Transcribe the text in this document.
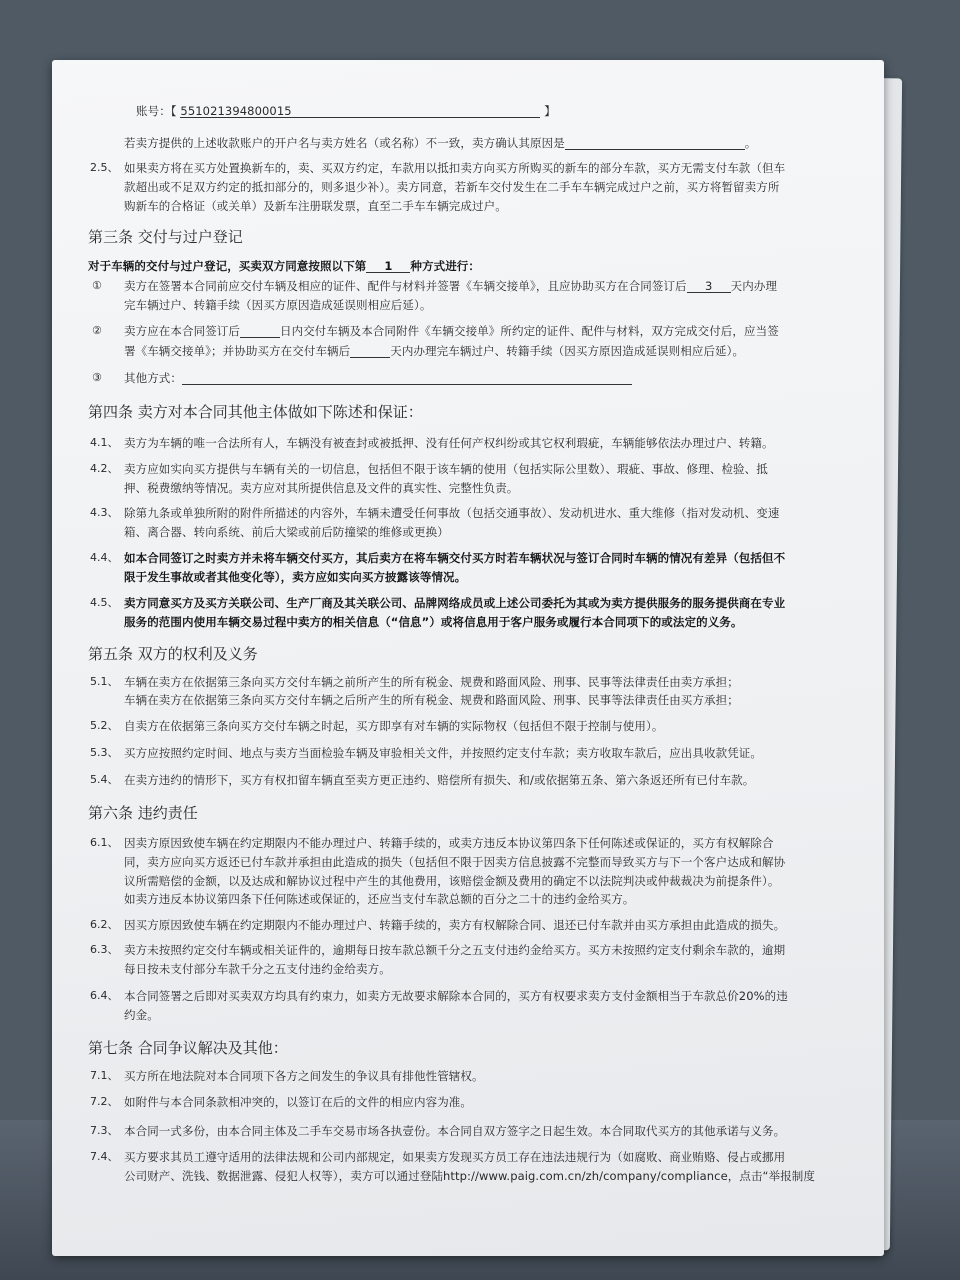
账号：【 551021394800015	】
若卖方提供的上述收款账户的开户名与卖方姓名（或名称）不一致，卖方确认其原因是	。
2.5、 如果卖方将在买方处置换新车的，卖、买双方约定，车款用以抵扣卖方向买方所购买的新车的部分车款，买方无需支付车款（但车
款超出或不足双方约定的抵扣部分的，则多退少补）。卖方同意，若新车交付发生在二手车车辆完成过户之前，买方将暂留卖方所
购新车的合格证（或关单）及新车注册联发票，直至二手车车辆完成过户。
第三条 交付与过户登记
对于车辆的交付与过户登记，买卖双方同意按照以下第 1 种方式进行：
① 卖方在签署本合同前应交付车辆及相应的证件、配件与材料并签署《车辆交接单》，且应协助买方在合同签订后 3 天内办理
完车辆过户、转籍手续（因买方原因造成延误则相应后延）。
② 卖方应在本合同签订后	日内交付车辆及本合同附件《车辆交接单》所约定的证件、配件与材料，双方完成交付后，应当签
署《车辆交接单》；并协助买方在交付车辆后	天内办理完车辆过户、转籍手续（因买方原因造成延误则相应后延）。
③ 其他方式：
第四条 卖方对本合同其他主体做如下陈述和保证：
4.1、 卖方为车辆的唯一合法所有人，车辆没有被查封或被抵押、没有任何产权纠纷或其它权利瑕疵，车辆能够依法办理过户、转籍。
4.2、 卖方应如实向买方提供与车辆有关的一切信息，包括但不限于该车辆的使用（包括实际公里数）、瑕疵、事故、修理、检验、抵
押、税费缴纳等情况。卖方应对其所提供信息及文件的真实性、完整性负责。
4.3、 除第九条或单独所附的附件所描述的内容外，车辆未遭受任何事故（包括交通事故）、发动机进水、重大维修（指对发动机、变速
箱、离合器、转向系统、前后大梁或前后防撞梁的维修或更换）
4.4、 如本合同签订之时卖方并未将车辆交付买方，其后卖方在将车辆交付买方时若车辆状况与签订合同时车辆的情况有差异（包括但不
限于发生事故或者其他变化等），卖方应如实向买方披露该等情况。
4.5、 卖方同意买方及买方关联公司、生产厂商及其关联公司、品牌网络成员或上述公司委托为其或为卖方提供服务的服务提供商在专业
服务的范围内使用车辆交易过程中卖方的相关信息（“信息”）或将信息用于客户服务或履行本合同项下的或法定的义务。
第五条 双方的权利及义务
5.1、 车辆在卖方在依据第三条向买方交付车辆之前所产生的所有税金、规费和路面风险、刑事、民事等法律责任由卖方承担；
车辆在卖方在依据第三条向买方交付车辆之后所产生的所有税金、规费和路面风险、刑事、民事等法律责任由买方承担；
5.2、 自卖方在依据第三条向买方交付车辆之时起，买方即享有对车辆的实际物权（包括但不限于控制与使用）。
5.3、 买方应按照约定时间、地点与卖方当面检验车辆及审验相关文件，并按照约定支付车款；卖方收取车款后，应出具收款凭证。
5.4、 在卖方违约的情形下，买方有权扣留车辆直至卖方更正违约、赔偿所有损失、和/或依据第五条、第六条返还所有已付车款。
第六条 违约责任
6.1、 因卖方原因致使车辆在约定期限内不能办理过户、转籍手续的，或卖方违反本协议第四条下任何陈述或保证的，买方有权解除合
同，卖方应向买方返还已付车款并承担由此造成的损失（包括但不限于因卖方信息披露不完整而导致买方与下一个客户达成和解协
议所需赔偿的金额，以及达成和解协议过程中产生的其他费用，该赔偿金额及费用的确定不以法院判决或仲裁裁决为前提条件）。
如卖方违反本协议第四条下任何陈述或保证的，还应当支付车款总额的百分之二十的违约金给买方。
6.2、 因买方原因致使车辆在约定期限内不能办理过户、转籍手续的，卖方有权解除合同、退还已付车款并由买方承担由此造成的损失。
6.3、 卖方未按照约定交付车辆或相关证件的，逾期每日按车款总额千分之五支付违约金给买方。买方未按照约定支付剩余车款的，逾期
每日按未支付部分车款千分之五支付违约金给卖方。
6.4、 本合同签署之后即对买卖双方均具有约束力，如卖方无故要求解除本合同的，买方有权要求卖方支付金额相当于车款总价20%的违
约金。
第七条 合同争议解决及其他：
7.1、 买方所在地法院对本合同项下各方之间发生的争议具有排他性管辖权。
7.2、 如附件与本合同条款相冲突的，以签订在后的文件的相应内容为准。
7.3、 本合同一式多份，由本合同主体及二手车交易市场各执壹份。本合同自双方签字之日起生效。本合同取代买方的其他承诺与义务。
7.4、 买方要求其员工遵守适用的法律法规和公司内部规定，如果卖方发现买方员工存在违法违规行为（如腐败、商业贿赂、侵占或挪用
公司财产、洗钱、数据泄露、侵犯人权等），卖方可以通过登陆http://www.paig.com.cn/zh/company/compliance，点击“举报制度
